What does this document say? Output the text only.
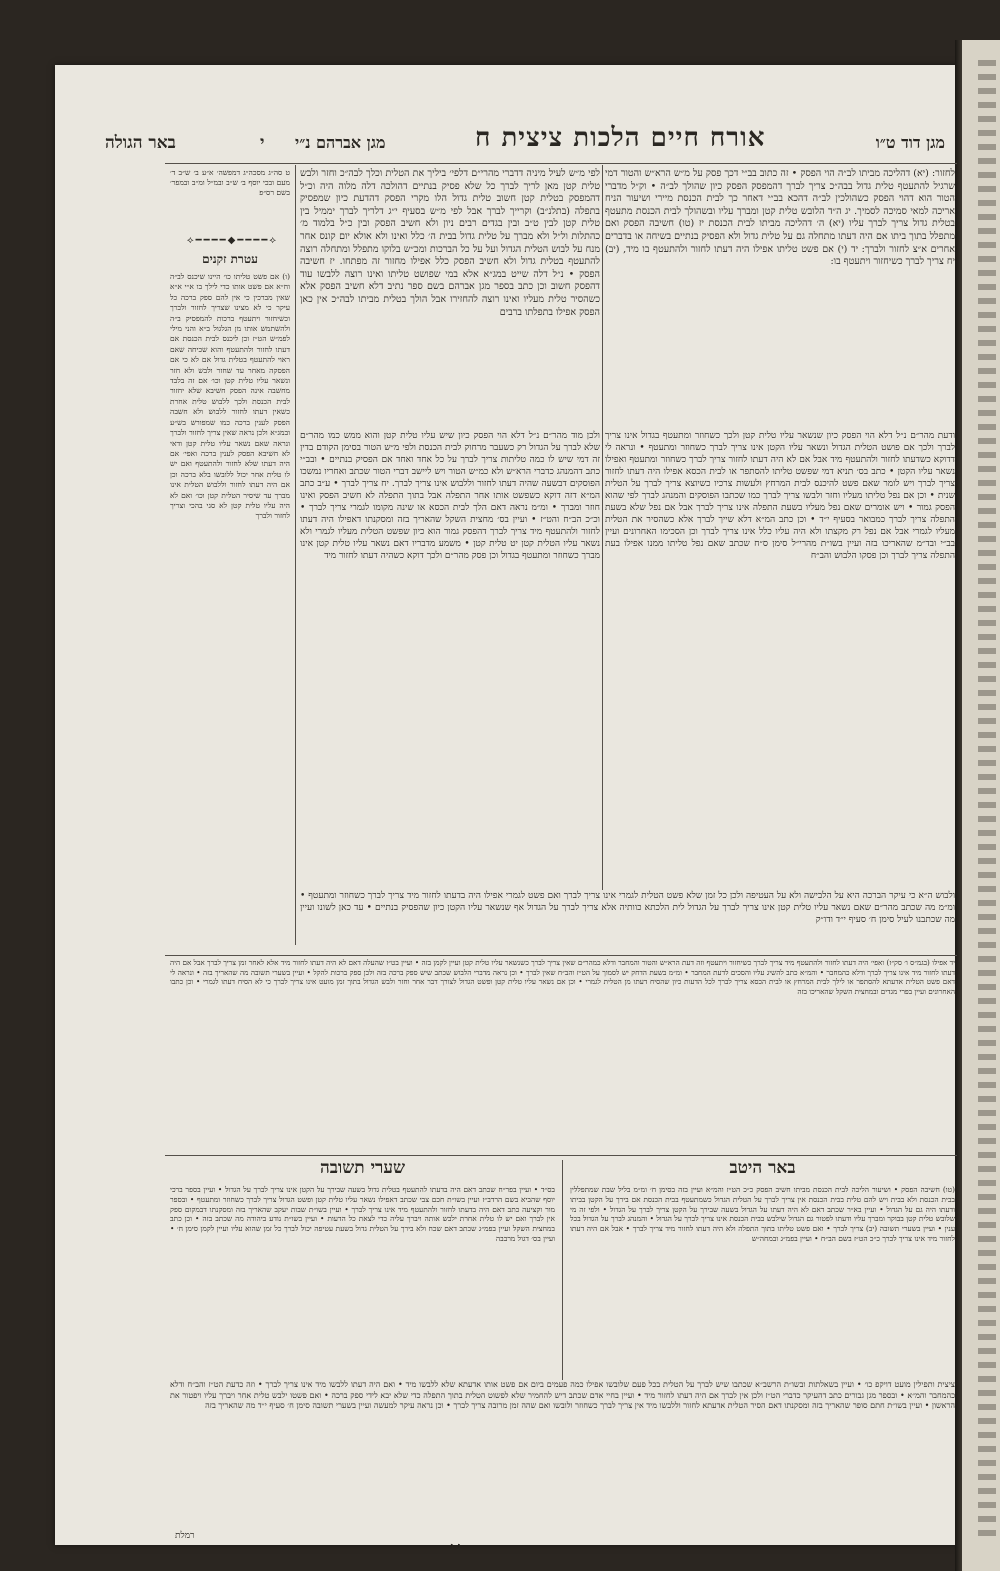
מגן דוד ט״ו
אורח חיים הלכות ציצית ח
מגן אברהם נ״י
י
באר הגולה
ט סה״ג מסכה״ג דמפשה׳ א״ע ב׳ ש״ב ד׳ מעם ובכי יוסף ב׳ ש״ב ובמ״ל ומ״ב ובמפר׳ בשם רס״פ
⟡━━━━◆━━━━⟡
עטרת זקנים
(ו) אם פשט טליתו כו׳ היינו שיכנס לב״ה וח״א אם פשט אותו כדי לילך בו א״י א״א שאין מברכין כי אין להם ספק ברכה כל עיקר כי לא מצינו שצריך לחזור ולברך וכשיחזור ויתעטף ברכות להמפסיק ב״ה ולהשתמש אותו מן הגלגול ב״א והני מילי לפמ״ש הט״ז וכן ליכנס לבית הכנסת אם דעתו לחזור ולהתעטף והוא שכיחה שאם ראוי להתעטף בטלית גדול אם לא כי אם הפסקה מאחר עד שחזר ולבש ולא חזר ונשאר עליו טלית קטן וכו׳ אם זה בלבד מחשבה אינה הפסק חשיבא שלא יחזור לבית הכנסת ולכך ללבוש טלית אחרת כשאין דעתו לחזור ללבוש ולא חשבה הפסק לענין ברכה כמו שמפורש בש״ע ובמג״א ולכן נראה שאין צריך לחזור ולברך ונראה שאם נשאר עליו טלית קטן ודאי לא חשיבא הפסק לענין ברכה ואפי׳ אם היה דעתו שלא לחזור ולהתעטף ואם יש לו טלית אחר יכול ללובשו בלא ברכה וכן אם היה דעתו לחזור וללבוש הטלית אינו מברך עד שיסיר הטלית קטן וכו׳ ואם לא היה עליו טלית קטן לא סגי בהכי וצריך לחזור ולברך
לחזור: (יא) דהליכה מביתו לב״ה הוי הפסק • זה כתוב בב״י דכך פסק על מ״ש הרא״ש והטור דמי שרגיל להתעטף טלית גדול בבה״כ צריך לברך דהמפסק הפסק כיון שהולך לב״ה • וק״ל מדברי הטור הוא דהוי הפסק כשהולכין לב״ה דהכא בב״י דאחר כך לבית הכנסת מיירי ושיעור הניח אריכה למאי סמיכה לסמיך. יג ה״ד הלובש טלית קטן ומברך עליו ובשהולך לבית הכנסת מתעטף בטלית גדול צריך לברך עליו (יא) ה׳ דהליכה מביתו לבית הכנסת יז (טו) חשיבה הפסק ואם מתפלל בתוך ביתו אם היה דעתו מתחלה גם על טלית גדול ולא הפסיק בנתיים בשיחה או בדברים אחרים א״צ לחזור ולברך: יד (י) אם פשט טליתו אפילו היה דעתו לחזור ולהתעטף בו מיד, (יב) יח צריך לברך כשיחזור ויתעטף בו:
לפי מ״ש לעיל מיניה דדברי מהרי״ם דלפי׳ ביליך את הטלית וכלך לבה״כ וחזר ולבש טלית קטן מאן לריך לברך כל שלא פסיק בנתיים דהולכה דלה מלוה היה וכ״ל דהמפסק בטלית קטן חשוב טלית גדול הלו מקרי הפסק דהדעת כיון שמפסיק בתפלה (בתלנ״ב) וקרייך לברך אבל לפי מ״ש בסעיף י״ג דלריך לברך יממיל בין טלית קטן לבין ט״ב ובין בגדים רבים ניון ולא חשיב הפסק ובין כ״ל בלמוד מ׳ כהתלות ול״ל ולא מברך על טלית גדול בבית ה׳ כלל ואינו ולא אולא יום קונס אחר מנח על לבוש הטלית הגדול ועל על כל הברכות ומכ״ש בלוקו מתפלל ומתחלה רוצה להתעטף בטלית גדול ולא חשיב הפסק כלל אפילו מחזור זה מפתחו. יז חשיבה הפסק • נ״ל דלה שייט במג״א אלא במי שפושט טליתו ואינו רוצה ללבשו עוד דהפסק חשוב וכן כתב בספר מגן אברהם בשם ספר נתיב דלא חשיב הפסק אלא כשהסיר טלית מעליו ואינו רוצה להחזירו אבל הולך בטלית מביתו לבה״כ אין כאן הפסק אפילו בתפלתו ברבים
ודעת מהר״ם נ״ל דלא הוי הפסק כיון שנשאר עליו טלית קטן ולכך כשחוזר ומתעטף בגדול אינו צריך לברך ולכך אם פושט הטלית הגדול ונשאר עליו הקטן אינו צריך לברך כשחוזר ומתעטף • ונראה לי דדוקא כשדעתו לחזור ולהתעטף מיד אבל אם לא היה דעתו לחזור צריך לברך כשחוזר ומתעטף ואפילו נשאר עליו הקטן • כתב בס׳ תניא דמי שפשט טליתו להסתפר או לבית הכסא אפילו היה דעתו לחזור צריך לברך ויש לומר שאם פשט להיכנס לבית המרחץ ולעשות צרכיו כשיוצא צריך לברך על הטלית שנית • וכן אם נפל טליתו מעליו וחזר ולבשו צריך לברך כמו שכתבו הפוסקים והמנהג לברך לפי שהוא הפסק גמור • ויש אומרים שאם נפל מעליו בשעת התפלה אינו צריך לברך אבל אם נפל שלא בשעת התפלה צריך לברך כמבואר בסעיף י״ד • וכן כתב המ״א דלא שייך לברך אלא כשהסיר את הטלית מעליו לגמרי אבל אם נפל רק מקצתו ולא היה עליו כלל אינו צריך לברך וכן הסכימו האחרונים ועיין בב״י ובד״מ שהאריכו בזה ועיין בשו״ת מהרי״ל סימן ס״ח שכתב שאם נפל טליתו ממנו אפילו בעת התפלה צריך לברך וכן פסקו הלבוש והב״ח
ולכן מוד מהר״ם נ״ל דלא הוי הפסק כיון שיש עליו טלית קטן והוא ממש כמו מהר״ם שלא לברך על הגדול רק כשעבר מרחוק לבית הכנסת ולפי מ״ש הטור בסימן הקודם בדין זה דמי שיש לו כמה טליתות צריך לברך על כל אחד ואחד אם הפסיק בנתיים • ובב״י כתב דהמנהג כדברי הרא״ש ולא כמ״ש הטור ויש ליישב דברי הטור שכתב ואחריו נמשכו הפוסקים דבשעה שהיה דעתו לחזור וללבוש אינו צריך לברך. יח צריך לברך • ע״ב כתב המ״א דזה דוקא כשפשט אותו אחר התפלה אבל בתוך התפלה לא חשיב הפסק ואינו חוזר ומברך • ומ״מ נראה דאם הלך לבית הכסא או שינה מקומו לגמרי צריך לברך • וכ״כ הב״ח והט״ז • ועיין בס׳ מחצית השקל שהאריך בזה ומסקנתו דאפילו היה דעתו לחזור ולהתעטף מיד צריך לברך דהפסק גמור הוא כיון שפשט הטלית מעליו לגמרי ולא נשאר עליו הטלית קטן יט טלית קטן • משמע מדבריו דאם נשאר עליו טלית קטן אינו מברך כשחוזר ומתעטף בגדול וכן פסק מהר״ם ולכך דוקא כשהיה דעתו לחזור מיד
ולבוש ה״א כי עיקר הברכה היא על הלבישה ולא על העטיפה ולכן כל זמן שלא פשט הטלית לגמרי אינו צריך לברך ואם פשט לגמרי אפילו היה בדעתו לחזור מיד צריך לברך כשחוזר ומתעטף • ומ״מ מה שכתב מהר״ם שאם נשאר עליו טלית קטן אינו צריך לברך על הגדול לית הלכתא כוותיה אלא צריך לברך על הגדול אף שנשאר עליו הקטן כיון שהפסיק בנתיים • עד כאן לשונו ועיין מה שכתבנו לעיל סימן ח׳ סעיף י״ד ודו״ק
יד אפילו (בגמ״ס ו׳ סק״ז) ואפי׳ היה דעתו לחזור ולהתעטף מיד צריך לברך כשיחזור ויתעטף וזה דעת הרא״ש והטור והמחבר ודלא כמהר״ם שאין צריך לברך כשנשאר עליו טלית קטן ועיין לקמן בזה • ועיין בט״ז שהעלה דאם לא היה דעתו לחזור מיד אלא לאחר זמן צריך לברך אבל אם היה דעתו לחזור מיד אינו צריך לברך ודלא כהמחבר • והמ״א כתב להשיג עליו והסכים לדעת המחבר • ומ״מ בשעת הדחק יש לסמוך על הט״ז והב״ח שאין לברך • וכן נראה מדברי הלבוש שכתב שיש ספק ברכה בזה ולכן ספק ברכות להקל • ועיין בשערי תשובה מה שהאריך בזה • ונראה לי דאם פשט הטלית אדעתא להסתפר או לילך לבית המרחץ או לבית הכסא צריך לברך לכל הדעות כיון שהסיח דעתו מן הטלית לגמרי • וכן אם נשאר עליו טלית קטן ופשט הגדול לצורך דבר אחר וחזר ולבש הגדול בתוך זמן מועט אינו צריך לברך כי לא הסיח דעתו לגמרי • וכן כתבו האחרונים ועיין בפרי מגדים ובמחצית השקל שהאריכו בזה
באר היטב
שערי תשובה
(טו) חשיבה הפסק • ושיעור הליכה לבית הכנסת מביתו חשיב הפסק כ״כ הט״ז והמ״א ועיין בזה בסימן ח׳ ומ״מ בליל שבת שמתפללין בבית הכנסת ולא בבית ויש להם טלית בבית הכנסת אין צריך לברך על הטלית הגדול כשמתעטף בבית הכנסת אם בירך על הקטן בביתו ודעתו היה גם על הגדול • ועיין בא״ר שכתב דאם לא היה דעתו על הגדול בשעה שבירך על הקטן צריך לברך על הגדול • ולפי זה מי שלובש טלית קטן בבוקר ומברך עליו ודעתו לפטור גם הגדול שילבש בבית הכנסת אינו צריך לברך על הגדול • והמנהג לברך על הגדול בכל ענין • ועיין בשערי תשובה (יב) צריך לברך • ואם פשט טליתו בתוך התפלה ולא היה דעתו לחזור מיד צריך לברך • אבל אם היה דעתו לחזור מיד אינו צריך לברך כ״כ הט״ז בשם הב״ח • ועיין בפמ״ג ובמחה״ש
בס״ד • ועיין בפר״ח שכתב דאם היה בדעתו להתעטף בטלית גדול בשעה שבירך על הקטן אינו צריך לברך על הגדול • ועיין בספר ברכי יוסף שהביא בשם הרדב״ז ועיין בשו״ת חכם צבי שכתב דאפילו נשאר עליו טלית קטן ופשט הגדול צריך לברך כשחוזר ומתעטף • ובספר מור וקציעה כתב דאם היה בדעתו לחזור ולהתעטף מיד אינו צריך לברך • ועיין בשו״ת שבות יעקב שהאריך בזה ומסקנתו דבמקום ספק אין לברך ואם יש לו טלית אחרת ילבש אותה ויברך עליה כדי לצאת כל הדעות • ועיין בשו״ת נודע ביהודה מה שכתב בזה • וכן כתב במחצית השקל ועיין בפמ״ג שכתב דאם שכח ולא בירך על הטלית גדול בשעת עטיפה יכול לברך כל זמן שהוא עליו ועיין לקמן סימן ח׳ • ועיין בס׳ דגול מרבבה
ציצית ותפילין מועט דויקפ כו׳ • ועיין בשאלתות ובשו״ת הרשב״א שכתבו שיש לברך על הטלית בכל פעם שלובשו אפילו כמה פעמים ביום אם פשט אותו אדעתא שלא ללבשו מיד • ואם היה דעתו ללבשו מיד אינו צריך לברך • וזה כדעת הט״ז והב״ח ודלא כהמחבר והמ״א • ובספר מגן גבורים כתב דהעיקר כדברי הט״ז ולכן אין לברך אם היה דעתו לחזור מיד • ועיין בחיי אדם שכתב דיש להחמיר שלא לפשוט הטלית בתוך התפלה כדי שלא יבא לידי ספק ברכה • ואם פשטו ילבש טלית אחר ויברך עליו ויפטור את הראשון • ועיין בשו״ת חתם סופר שהאריך בזה ומסקנתו דאם הסיר הטלית אדעתא לחזור וללבשו מיד אין צריך לברך כשחוזר ולובשו ואם שהה זמן מרובה צריך לברך • וכן נראה עיקר למעשה ועיין בשערי תשובה סימן ח׳ סעיף י״ד מה שהאריך בזה
רמלת
ג ג
